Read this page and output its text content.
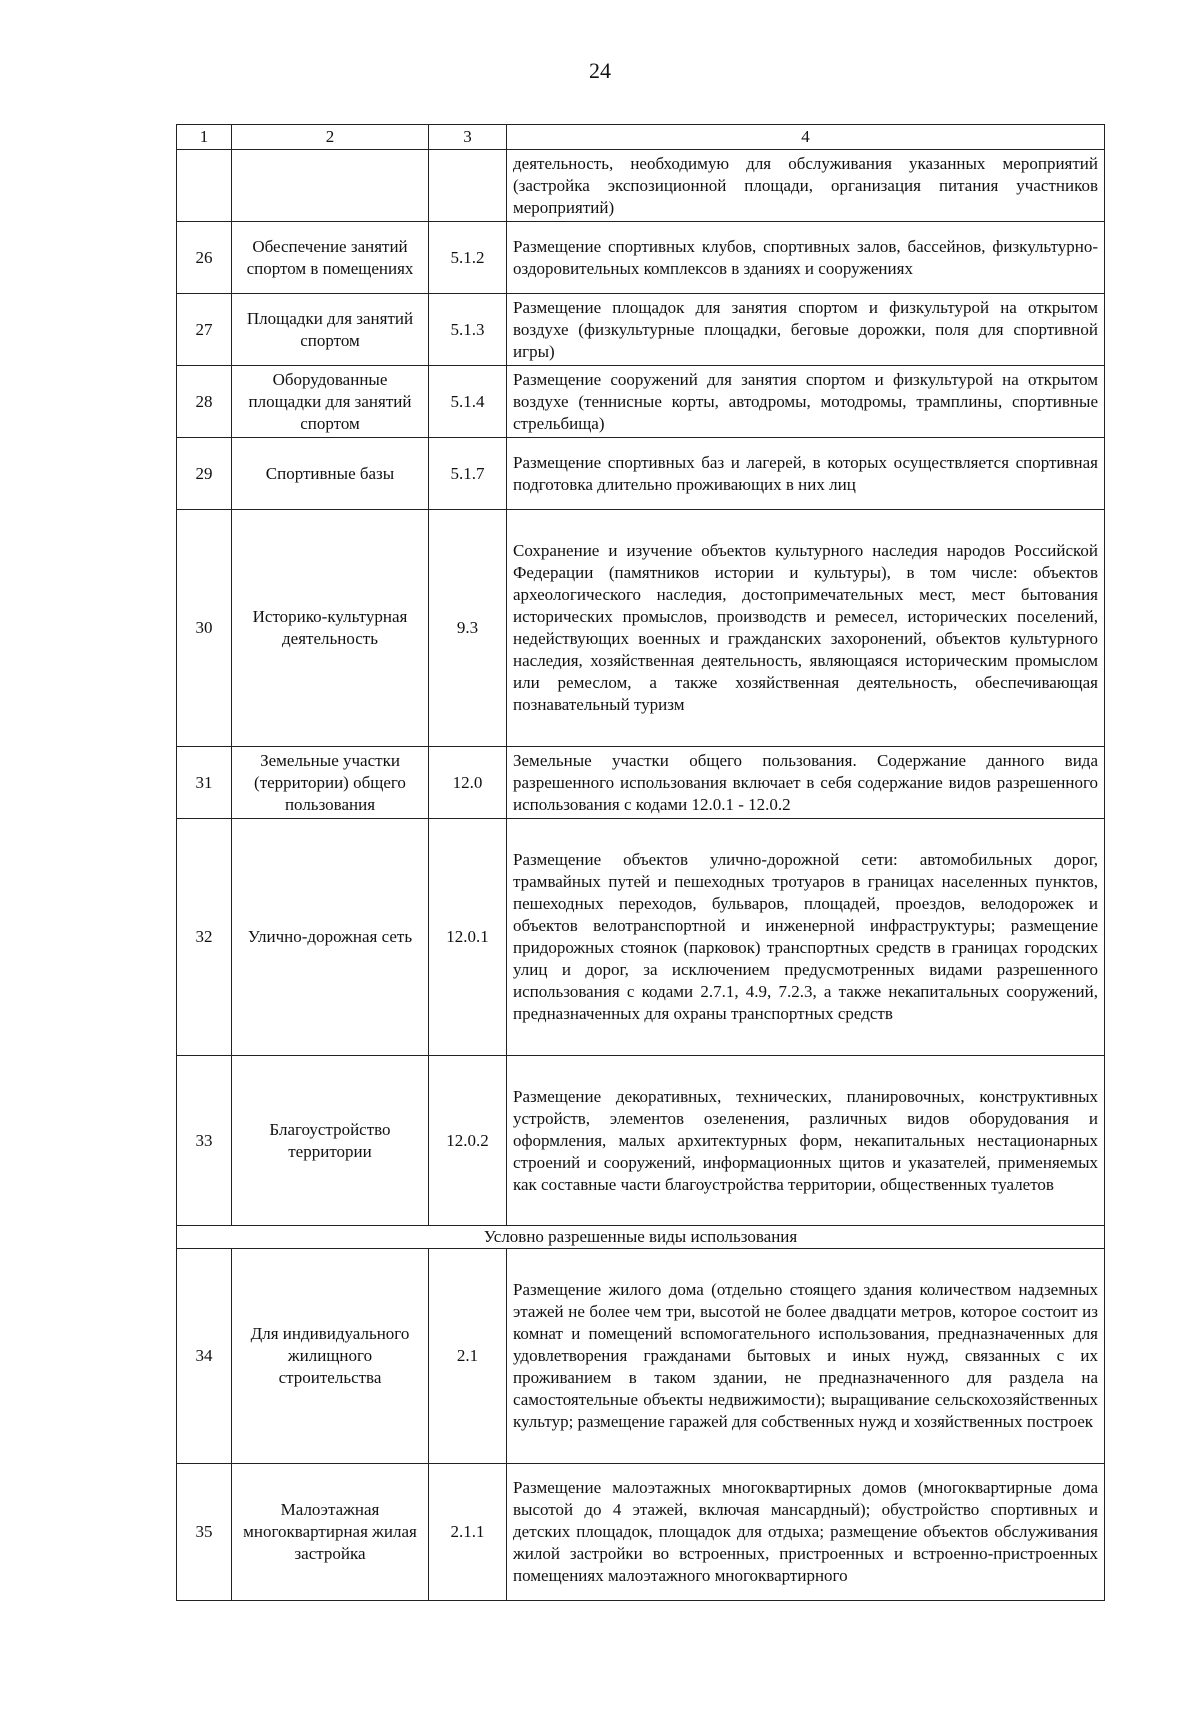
24
1	2	3	4
			деятельность, необходимую для обслуживания указанных мероприятий (застройка экспозиционной площади, организация питания участников мероприятий)
26	Обеспечение занятий спортом в помещениях	5.1.2	Размещение спортивных клубов, спортивных залов, бассейнов, физкультурно-оздоровительных комплексов в зданиях и сооружениях
27	Площадки для занятий спортом	5.1.3	Размещение площадок для занятия спортом и физкультурой на открытом воздухе (физкультурные площадки, беговые дорожки, поля для спортивной игры)
28	Оборудованные площадки для занятий спортом	5.1.4	Размещение сооружений для занятия спортом и физкультурой на открытом воздухе (теннисные корты, автодромы, мотодромы, трамплины, спортивные стрельбища)
29	Спортивные базы	5.1.7	Размещение спортивных баз и лагерей, в которых осуществляется спортивная подготовка длительно проживающих в них лиц
30	Историко-культурная деятельность	9.3	Сохранение и изучение объектов культурного наследия народов Российской Федерации (памятников истории и культуры), в том числе: объектов археологического наследия, достопримечательных мест, мест бытования исторических промыслов, производств и ремесел, исторических поселений, недействующих военных и гражданских захоронений, объектов культурного наследия, хозяйственная деятельность, являющаяся историческим промыслом или ремеслом, а также хозяйственная деятельность, обеспечивающая познавательный туризм
31	Земельные участки (территории) общего пользования	12.0	Земельные участки общего пользования. Содержание данного вида разрешенного использования включает в себя содержание видов разрешенного использования с кодами 12.0.1 - 12.0.2
32	Улично-дорожная сеть	12.0.1	Размещение объектов улично-дорожной сети: автомобильных дорог, трамвайных путей и пешеходных тротуаров в границах населенных пунктов, пешеходных переходов, бульваров, площадей, проездов, велодорожек и объектов велотранспортной и инженерной инфраструктуры; размещение придорожных стоянок (парковок) транспортных средств в границах городских улиц и дорог, за исключением предусмотренных видами разрешенного использования с кодами 2.7.1, 4.9, 7.2.3, а также некапитальных сооружений, предназначенных для охраны транспортных средств
33	Благоустройство территории	12.0.2	Размещение декоративных, технических, планировочных, конструктивных устройств, элементов озеленения, различных видов оборудования и оформления, малых архитектурных форм, некапитальных нестационарных строений и сооружений, информационных щитов и указателей, применяемых как составные части благоустройства территории, общественных туалетов
Условно разрешенные виды использования			
34	Для индивидуального жилищного строительства	2.1	Размещение жилого дома (отдельно стоящего здания количеством надземных этажей не более чем три, высотой не более двадцати метров, которое состоит из комнат и помещений вспомогательного использования, предназначенных для удовлетворения гражданами бытовых и иных нужд, связанных с их проживанием в таком здании, не предназначенного для раздела на самостоятельные объекты недвижимости); выращивание сельскохозяйственных культур; размещение гаражей для собственных нужд и хозяйственных построек
35	Малоэтажная многоквартирная жилая застройка	2.1.1	Размещение малоэтажных многоквартирных домов (многоквартирные дома высотой до 4 этажей, включая мансардный); обустройство спортивных и детских площадок, площадок для отдыха; размещение объектов обслуживания жилой застройки во встроенных, пристроенных и встроенно-пристроенных помещениях малоэтажного многоквартирного
